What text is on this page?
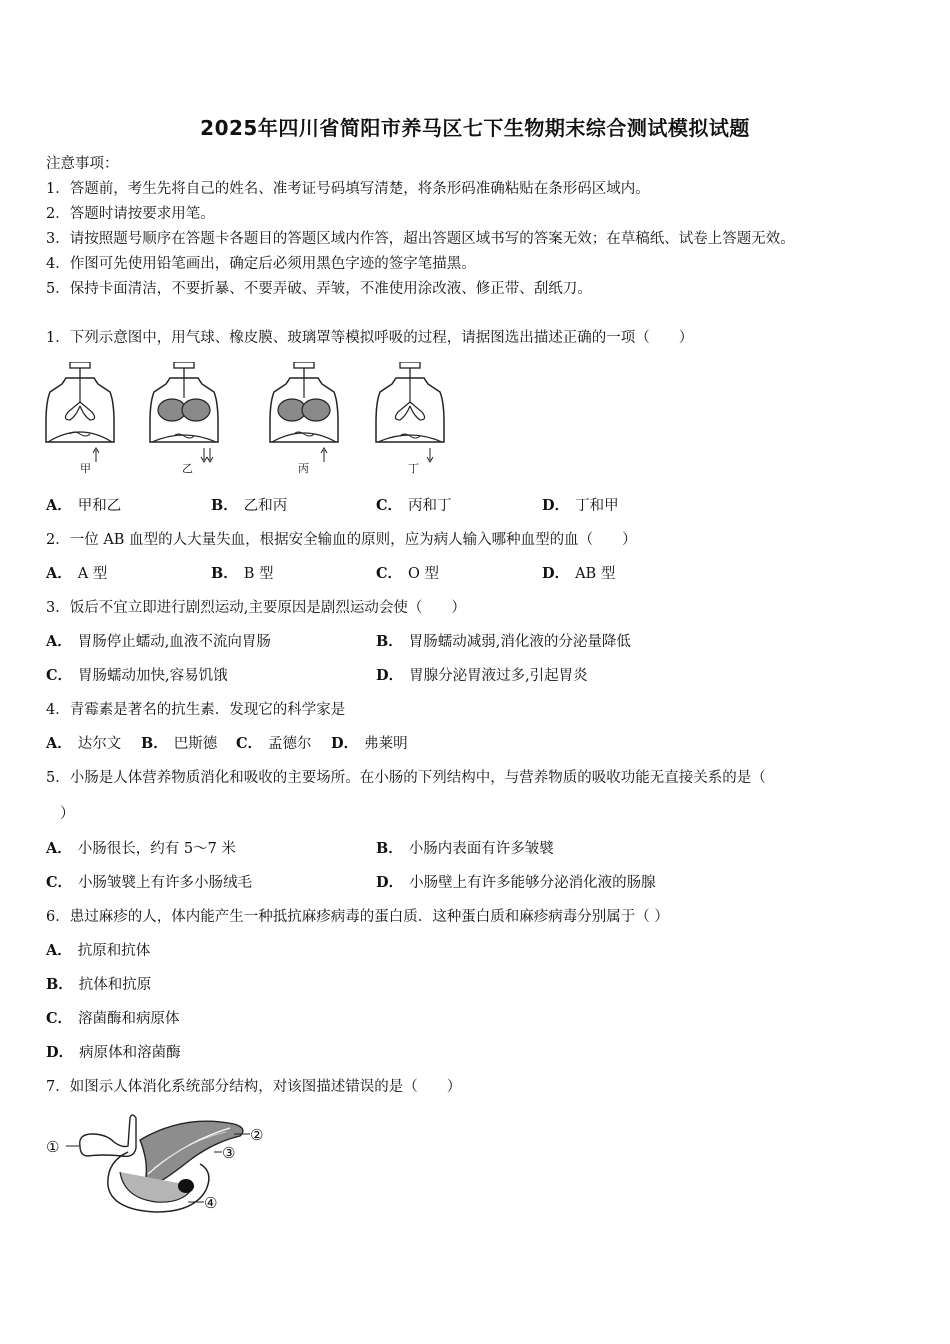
2025年四川省简阳市养马区七下生物期末综合测试模拟试题
注意事项：
1．答题前，考生先将自己的姓名、准考证号码填写清楚，将条形码准确粘贴在条形码区域内。
2．答题时请按要求用笔。
3．请按照题号顺序在答题卡各题目的答题区域内作答，超出答题区域书写的答案无效；在草稿纸、试卷上答题无效。
4．作图可先使用铅笔画出，确定后必须用黑色字迹的签字笔描黑。
5．保持卡面清洁，不要折暴、不要弄破、弄皱，不准使用涂改液、修正带、刮纸刀。
1．下列示意图中，用气球、橡皮膜、玻璃罩等模拟呼吸的过程，请据图选出描述正确的一项（　　）
甲	乙	丙	丁
A． 甲和乙	B． 乙和丙	C． 丙和丁	D． 丁和甲
2．一位 AB 血型的人大量失血，根据安全输血的原则，应为病人输入哪种血型的血（　　）
A． A 型	B． B 型	C． O 型	D． AB 型
3．饭后不宜立即进行剧烈运动,主要原因是剧烈运动会使（　　）
A． 胃肠停止蠕动,血液不流向胃肠	B． 胃肠蠕动减弱,消化液的分泌量降低
C． 胃肠蠕动加快,容易饥饿	D． 胃腺分泌胃液过多,引起胃炎
4．青霉素是著名的抗生素．发现它的科学家是
A． 达尔文 B． 巴斯德 C． 孟德尔 D． 弗莱明
5．小肠是人体营养物质消化和吸收的主要场所。在小肠的下列结构中，与营养物质的吸收功能无直接关系的是（
）
A． 小肠很长，约有 5～7 米	B． 小肠内表面有许多皱襞
C． 小肠皱襞上有许多小肠绒毛	D． 小肠壁上有许多能够分泌消化液的肠腺
6．患过麻疹的人，体内能产生一种抵抗麻疹病毒的蛋白质．这种蛋白质和麻疹病毒分别属于（ ）
A． 抗原和抗体
B． 抗体和抗原
C． 溶菌酶和病原体
D． 病原体和溶菌酶
7．如图示人体消化系统部分结构，对该图描述错误的是（　　）
①
②
③
④
